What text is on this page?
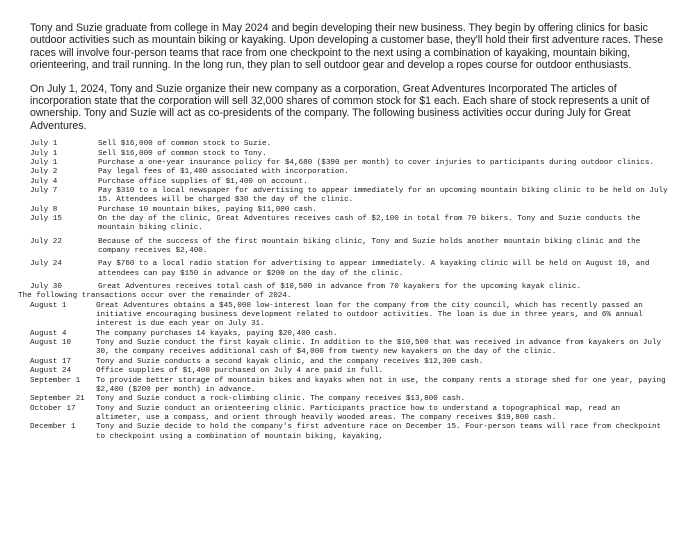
Tony and Suzie graduate from college in May 2024 and begin developing their new business. They begin by offering clinics for basic outdoor activities such as mountain biking or kayaking. Upon developing a customer base, they'll hold their first adventure races. These races will involve four-person teams that race from one checkpoint to the next using a combination of kayaking, mountain biking, orienteering, and trail running. In the long run, they plan to sell outdoor gear and develop a ropes course for outdoor enthusiasts.

On July 1, 2024, Tony and Suzie organize their new company as a corporation, Great Adventures Incorporated The articles of incorporation state that the corporation will sell 32,000 shares of common stock for $1 each. Each share of stock represents a unit of ownership. Tony and Suzie will act as co-presidents of the company. The following business activities occur during July for Great Adventures.

July 1	Sell $16,000 of common stock to Suzie.
July 1	Sell $16,000 of common stock to Tony.
July 1	Purchase a one-year insurance policy for $4,680 ($390 per month) to cover injuries to participants during outdoor clinics.
July 2	Pay legal fees of $1,400 associated with incorporation.
July 4	Purchase office supplies of $1,400 on account.
July 7	Pay $310 to a local newspaper for advertising to appear immediately for an upcoming mountain biking clinic to be held on July 15. Attendees will be charged $30 the day of the clinic.
July 8	Purchase 10 mountain bikes, paying $11,000 cash.
July 15	On the day of the clinic, Great Adventures receives cash of $2,100 in total from 70 bikers. Tony and Suzie conducts the mountain biking clinic.
July 22	Because of the success of the first mountain biking clinic, Tony and Suzie holds another mountain biking clinic and the company receives $2,400.
July 24	Pay $760 to a local radio station for advertising to appear immediately. A kayaking clinic will be held on August 10, and attendees can pay $150 in advance or $200 on the day of the clinic.
July 30	Great Adventures receives total cash of $10,500 in advance from 70 kayakers for the upcoming kayak clinic.
The following transactions occur over the remainder of 2024.
August 1	Great Adventures obtains a $45,000 low-interest loan for the company from the city council, which has recently passed an initiative encouraging business development related to outdoor activities. The loan is due in three years, and 6% annual interest is due each year on July 31.
August 4	The company purchases 14 kayaks, paying $20,400 cash.
August 10	Tony and Suzie conduct the first kayak clinic. In addition to the $10,500 that was received in advance from kayakers on July 30, the company receives additional cash of $4,000 from twenty new kayakers on the day of the clinic.
August 17	Tony and Suzie conducts a second kayak clinic, and the company receives $12,300 cash.
August 24	Office supplies of $1,400 purchased on July 4 are paid in full.
September 1	To provide better storage of mountain bikes and kayaks when not in use, the company rents a storage shed for one year, paying $2,400 ($200 per month) in advance.
September 21	Tony and Suzie conduct a rock-climbing clinic. The company receives $13,800 cash.
October 17	Tony and Suzie conduct an orienteering clinic. Participants practice how to understand a topographical map, read an altimeter, use a compass, and orient through heavily wooded areas. The company receives $19,800 cash.
December 1	Tony and Suzie decide to hold the company's first adventure race on December 15. Four-person teams will race from checkpoint to checkpoint using a combination of mountain biking, kayaking,
